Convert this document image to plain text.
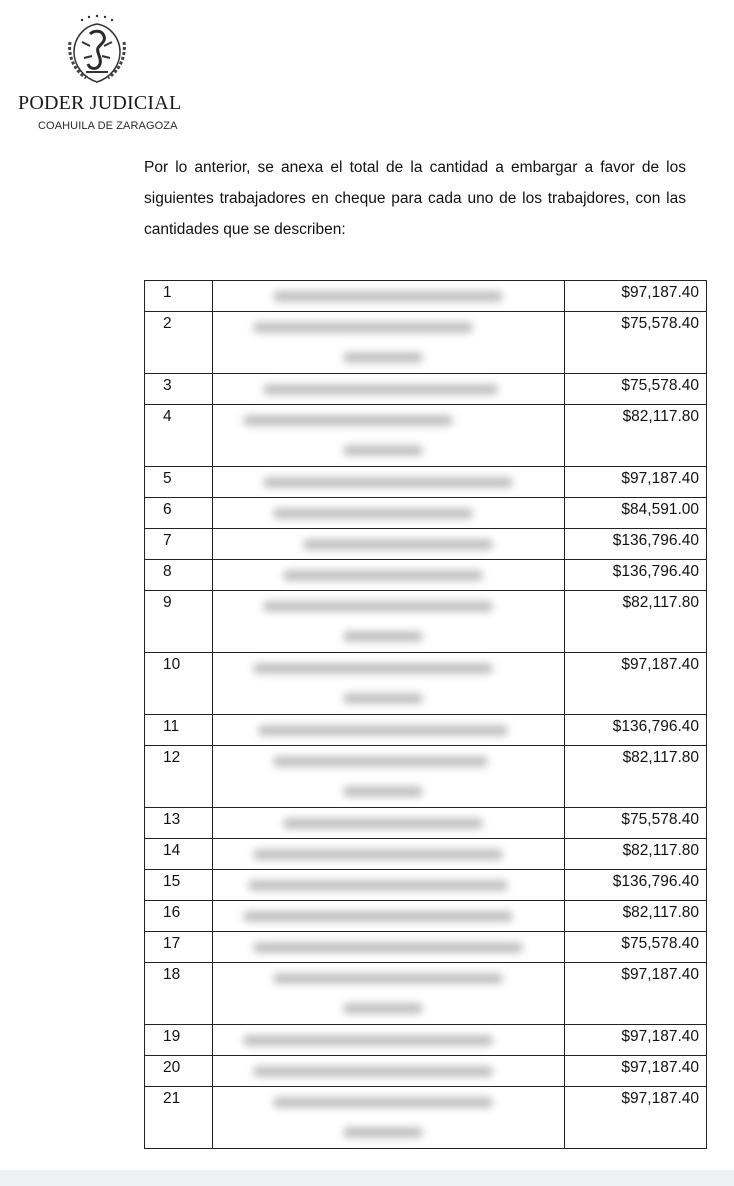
PODER JUDICIAL
COAHUILA DE ZARAGOZA

Por lo anterior, se anexa el total de la cantidad a embargar a favor de los siguientes trabajadores en cheque para cada uno de los trabajdores, con las cantidades que se describen:

1		$97,187.40
2		$75,578.40
3		$75,578.40
4		$82,117.80
5		$97,187.40
6		$84,591.00
7		$136,796.40
8		$136,796.40
9		$82,117.80
10		$97,187.40
11		$136,796.40
12		$82,117.80
13		$75,578.40
14		$82,117.80
15		$136,796.40
16		$82,117.80
17		$75,578.40
18		$97,187.40
19		$97,187.40
20		$97,187.40
21		$97,187.40
